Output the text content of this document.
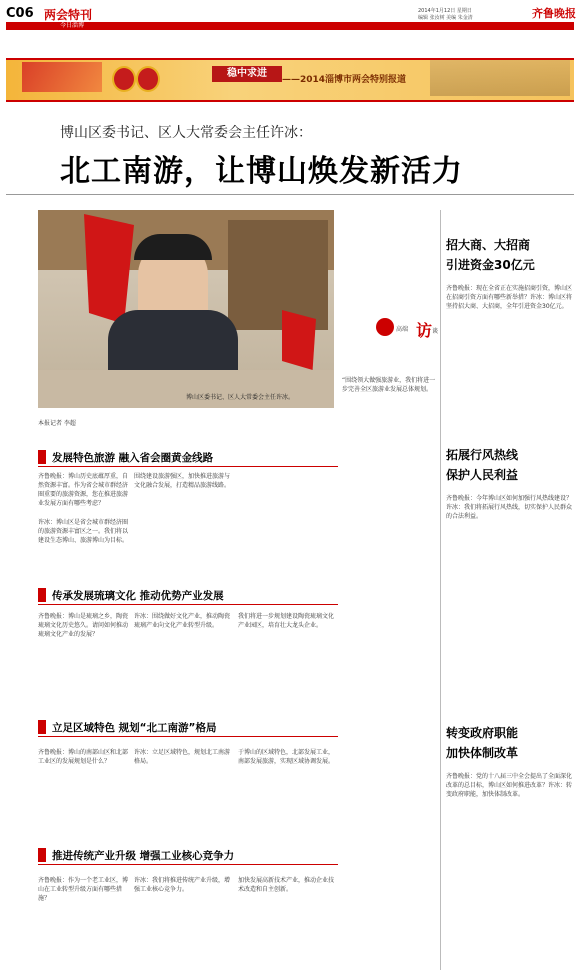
C06 两会特刊
今日淄博
2014年1月12日 星期日
编辑 张汝树 美编 朱金清	齐鲁晚报
稳中求进
——2014淄博市两会特别报道
博山区委书记、区人大常委会主任许冰：
北工南游，让博山焕发新活力
博山区委书记、区人大常委会主任许冰。
本报记者 李超
高端 访 谈
“围绕领大做强旅游业，我们将进一步完善全区旅游业发展总体规划。
招大商、大招商
引进资金30亿元
齐鲁晚报：现在全省正在实施招商引资，博山区在招商引资方面有哪些新举措？许冰：博山区将坚持招大商、大招商，全年引进资金30亿元。
拓展行风热线
保护人民利益
齐鲁晚报：今年博山区如何加强行风热线建设？许冰：我们将拓展行风热线，切实保护人民群众的合法利益。
转变政府职能
加快体制改革
齐鲁晚报：党的十八届三中全会提出了全面深化改革的总目标，博山区如何推进改革？许冰：转变政府职能，加快体制改革。
发展特色旅游 融入省会圈黄金线路
齐鲁晚报：博山历史底蕴厚重，自然资源丰富。作为省会城市群经济圈重要的旅游资源，您在推进旅游业发展方面有哪些考虑？
许冰：博山区是省会城市群经济圈的旅游资源丰富区之一。我们将以建设生态博山、旅游博山为目标。
围绕建设旅游强区，加快推进旅游与文化融合发展，打造精品旅游线路。
传承发展琉璃文化 推动优势产业发展
齐鲁晚报：博山是琉璃之乡，陶瓷琉璃文化历史悠久。请问如何推动琉璃文化产业的发展？
许冰：围绕做好文化产业，推动陶瓷琉璃产业向文化产业转型升级。
我们将进一步规划建设陶瓷琉璃文化产业园区，培育壮大龙头企业。
立足区域特色 规划“北工南游”格局
齐鲁晚报：博山的南部山区和北部工业区的发展规划是什么？
许冰：立足区域特色，规划北工南游格局。
于博山的区域特色，北部发展工业，南部发展旅游，实现区域协调发展。
推进传统产业升级 增强工业核心竞争力
齐鲁晚报：作为一个老工业区，博山在工业转型升级方面有哪些措施？
许冰：我们将推进传统产业升级，增强工业核心竞争力。
加快发展高新技术产业，推动企业技术改造和自主创新。
